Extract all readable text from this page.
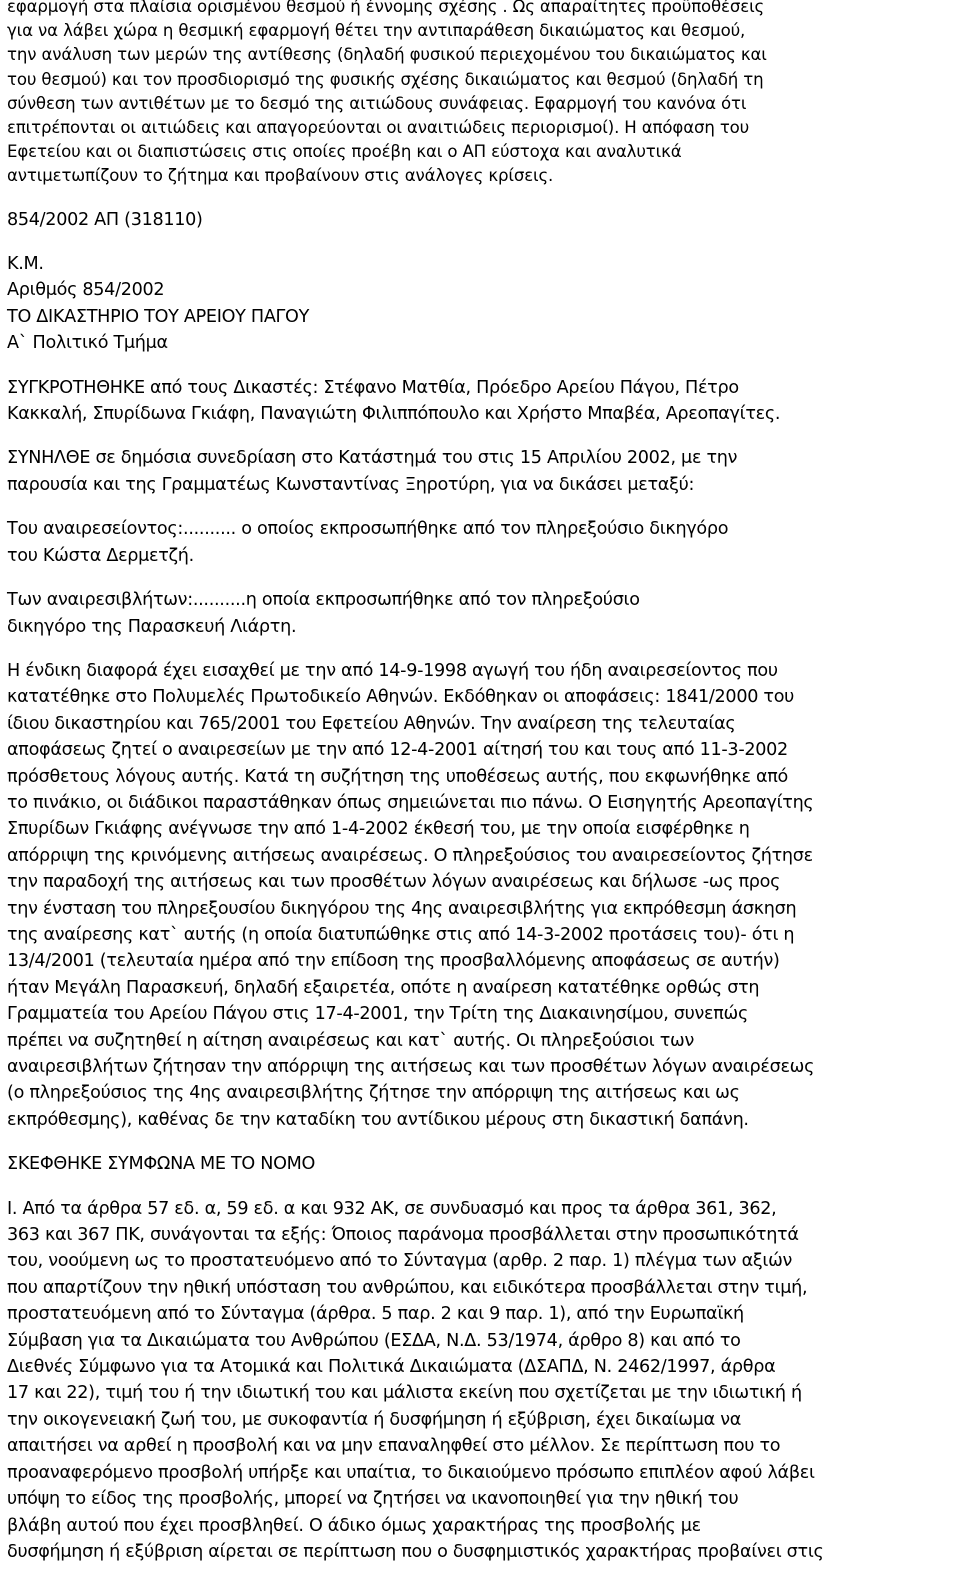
εφαρμογή στα πλαίσια ορισμένου θεσμού ή έννομης σχέσης . Ως απαραίτητες προϋποθέσεις
για να λάβει χώρα η θεσμική εφαρμογή θέτει την αντιπαράθεση δικαιώματος και θεσμού,
την ανάλυση των μερών της αντίθεσης (δηλαδή φυσικού περιεχομένου του δικαιώματος και
του θεσμού) και τον προσδιορισμό της φυσικής σχέσης δικαιώματος και θεσμού (δηλαδή τη
σύνθεση των αντιθέτων με το δεσμό της αιτιώδους συνάφειας. Εφαρμογή του κανόνα ότι
επιτρέπονται οι αιτιώδεις και απαγορεύονται οι αναιτιώδεις περιορισμοί). Η απόφαση του
Εφετείου και οι διαπιστώσεις στις οποίες προέβη και ο ΑΠ εύστοχα και αναλυτικά
αντιμετωπίζουν το ζήτημα και προβαίνουν στις ανάλογες κρίσεις.
854/2002 ΑΠ (318110)
Κ.Μ.
Αριθμός 854/2002
ΤΟ ΔΙΚΑΣΤΗΡΙΟ ΤΟΥ ΑΡΕΙΟΥ ΠΑΓΟΥ
Α` Πολιτικό Τμήμα
ΣΥΓΚΡΟΤΗΘΗΚΕ από τους Δικαστές: Στέφανο Ματθία, Πρόεδρο Αρείου Πάγου, Πέτρο
Κακκαλή, Σπυρίδωνα Γκιάφη, Παναγιώτη Φιλιππόπουλο και Χρήστο Μπαβέα, Αρεοπαγίτες.
ΣΥΝΗΛΘΕ σε δημόσια συνεδρίαση στο Κατάστημά του στις 15 Απριλίου 2002, με την
παρουσία και της Γραμματέως Κωνσταντίνας Ξηροτύρη, για να δικάσει μεταξύ:
Του αναιρεσείοντος:.......... ο οποίος εκπροσωπήθηκε από τον πληρεξούσιο δικηγόρο
του Κώστα Δερμετζή.
Των αναιρεσιβλήτων:..........η οποία εκπροσωπήθηκε από τον πληρεξούσιο
δικηγόρο της Παρασκευή Λιάρτη.
Η ένδικη διαφορά έχει εισαχθεί με την από 14-9-1998 αγωγή του ήδη αναιρεσείοντος που
κατατέθηκε στο Πολυμελές Πρωτοδικείο Αθηνών. Εκδόθηκαν οι αποφάσεις: 1841/2000 του
ίδιου δικαστηρίου και 765/2001 του Εφετείου Αθηνών. Την αναίρεση της τελευταίας
αποφάσεως ζητεί ο αναιρεσείων με την από 12-4-2001 αίτησή του και τους από 11-3-2002
πρόσθετους λόγους αυτής. Κατά τη συζήτηση της υποθέσεως αυτής, που εκφωνήθηκε από
το πινάκιο, οι διάδικοι παραστάθηκαν όπως σημειώνεται πιο πάνω. Ο Εισηγητής Αρεοπαγίτης
Σπυρίδων Γκιάφης ανέγνωσε την από 1-4-2002 έκθεσή του, με την οποία εισφέρθηκε η
απόρριψη της κρινόμενης αιτήσεως αναιρέσεως. Ο πληρεξούσιος του αναιρεσείοντος ζήτησε
την παραδοχή της αιτήσεως και των προσθέτων λόγων αναιρέσεως και δήλωσε -ως προς
την ένσταση του πληρεξουσίου δικηγόρου της 4ης αναιρεσιβλήτης για εκπρόθεσμη άσκηση
της αναίρεσης κατ` αυτής (η οποία διατυπώθηκε στις από 14-3-2002 προτάσεις του)- ότι η
13/4/2001 (τελευταία ημέρα από την επίδοση της προσβαλλόμενης αποφάσεως σε αυτήν)
ήταν Μεγάλη Παρασκευή, δηλαδή εξαιρετέα, οπότε η αναίρεση κατατέθηκε ορθώς στη
Γραμματεία του Αρείου Πάγου στις 17-4-2001, την Τρίτη της Διακαινησίμου, συνεπώς
πρέπει να συζητηθεί η αίτηση αναιρέσεως και κατ` αυτής. Οι πληρεξούσιοι των
αναιρεσιβλήτων ζήτησαν την απόρριψη της αιτήσεως και των προσθέτων λόγων αναιρέσεως
(ο πληρεξούσιος της 4ης αναιρεσιβλήτης ζήτησε την απόρριψη της αιτήσεως και ως
εκπρόθεσμης), καθένας δε την καταδίκη του αντίδικου μέρους στη δικαστική δαπάνη.
ΣΚΕΦΘΗΚΕ ΣΥΜΦΩΝΑ ΜΕ ΤΟ ΝΟΜΟ
Ι. Από τα άρθρα 57 εδ. α, 59 εδ. α και 932 ΑΚ, σε συνδυασμό και προς τα άρθρα 361, 362,
363 και 367 ΠΚ, συνάγονται τα εξής: Όποιος παράνομα προσβάλλεται στην προσωπικότητά
του, νοούμενη ως το προστατευόμενο από το Σύνταγμα (αρθρ. 2 παρ. 1) πλέγμα των αξιών
που απαρτίζουν την ηθική υπόσταση του ανθρώπου, και ειδικότερα προσβάλλεται στην τιμή,
προστατευόμενη από το Σύνταγμα (άρθρα. 5 παρ. 2 και 9 παρ. 1), από την Ευρωπαϊκή
Σύμβαση για τα Δικαιώματα του Ανθρώπου (ΕΣΔΑ, Ν.Δ. 53/1974, άρθρο 8) και από το
Διεθνές Σύμφωνο για τα Ατομικά και Πολιτικά Δικαιώματα (ΔΣΑΠΔ, Ν. 2462/1997, άρθρα
17 και 22), τιμή του ή την ιδιωτική του και μάλιστα εκείνη που σχετίζεται με την ιδιωτική ή
την οικογενειακή ζωή του, με συκοφαντία ή δυσφήμηση ή εξύβριση, έχει δικαίωμα να
απαιτήσει να αρθεί η προσβολή και να μην επαναληφθεί στο μέλλον. Σε περίπτωση που το
προαναφερόμενο προσβολή υπήρξε και υπαίτια, το δικαιούμενο πρόσωπο επιπλέον αφού λάβει
υπόψη το είδος της προσβολής, μπορεί να ζητήσει να ικανοποιηθεί για την ηθική του
βλάβη αυτού που έχει προσβληθεί. Ο άδικο όμως χαρακτήρας της προσβολής με
δυσφήμηση ή εξύβριση αίρεται σε περίπτωση που ο δυσφημιστικός χαρακτήρας προβαίνει στις
